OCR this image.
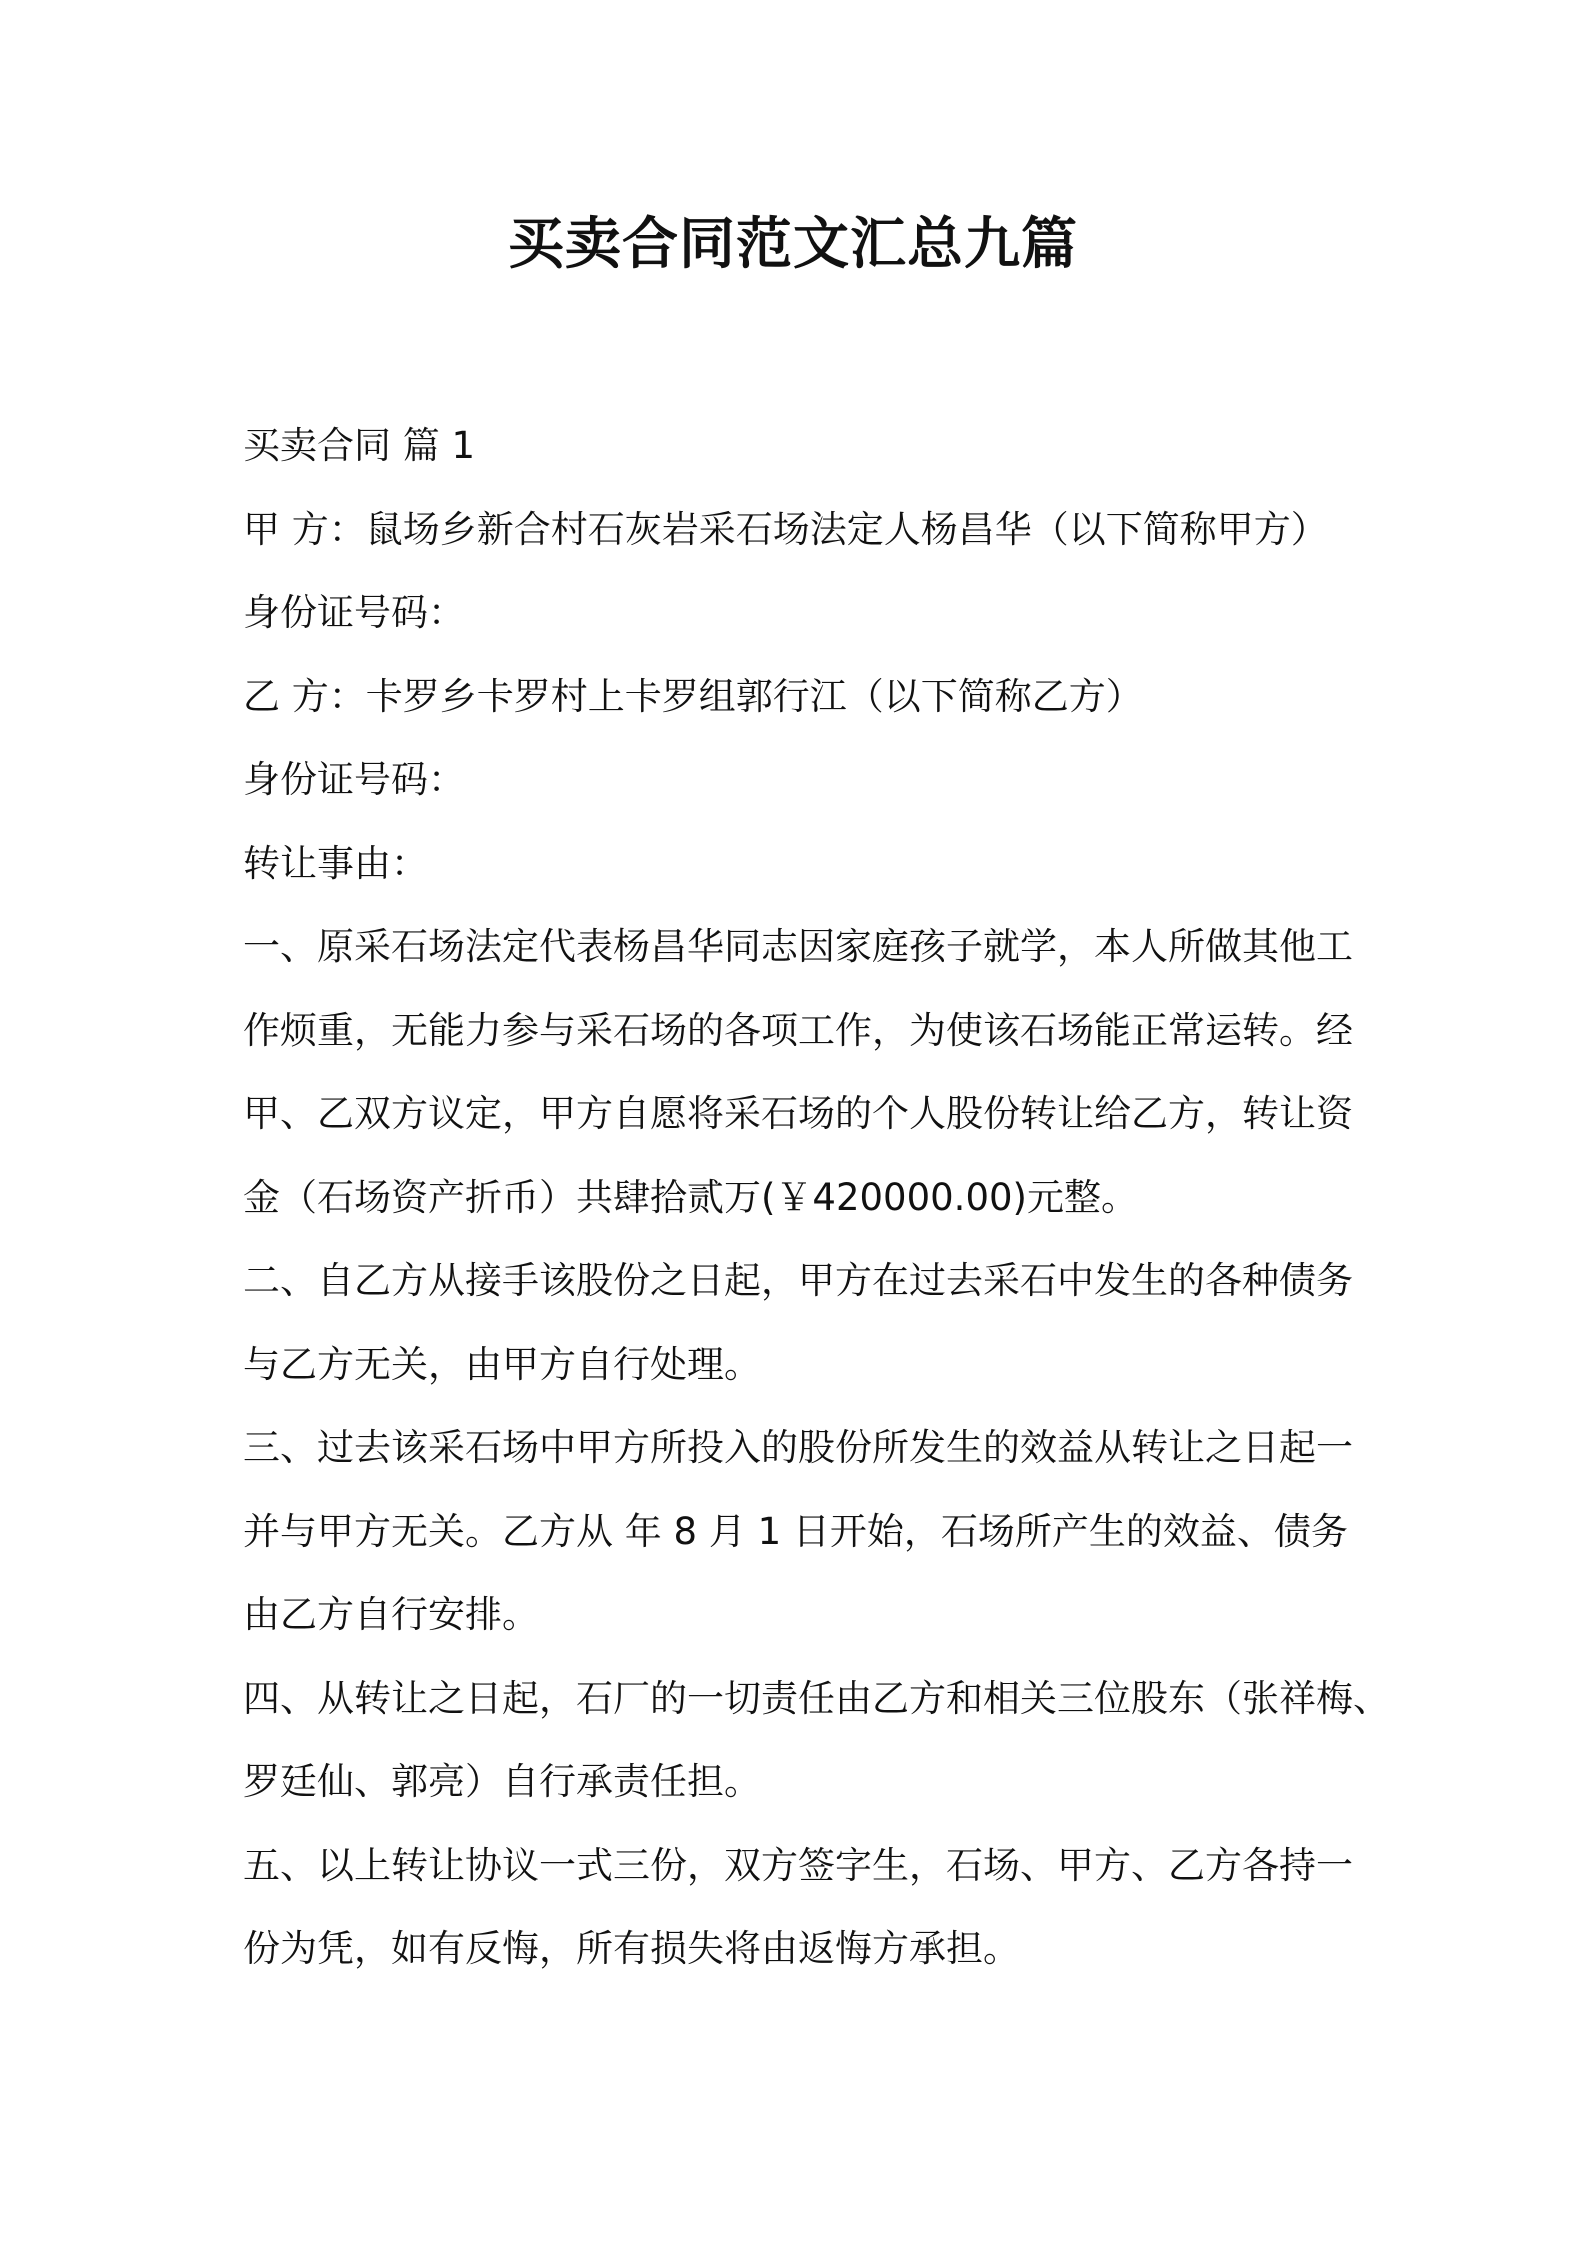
买卖合同范文汇总九篇
买卖合同 篇 1
甲 方：鼠场乡新合村石灰岩采石场法定人杨昌华（以下简称甲方）
身份证号码：
乙 方：卡罗乡卡罗村上卡罗组郭行江（以下简称乙方）
身份证号码：
转让事由：
一、原采石场法定代表杨昌华同志因家庭孩子就学，本人所做其他工
作烦重，无能力参与采石场的各项工作，为使该石场能正常运转。经
甲、乙双方议定，甲方自愿将采石场的个人股份转让给乙方，转让资
金（石场资产折币）共肆拾贰万(￥420000.00)元整。
二、自乙方从接手该股份之日起，甲方在过去采石中发生的各种债务
与乙方无关，由甲方自行处理。
三、过去该采石场中甲方所投入的股份所发生的效益从转让之日起一
并与甲方无关。乙方从 年 8 月 1 日开始，石场所产生的效益、债务
由乙方自行安排。
四、从转让之日起，石厂的一切责任由乙方和相关三位股东（张祥梅、
罗廷仙、郭亮）自行承责任担。
五、以上转让协议一式三份，双方签字生，石场、甲方、乙方各持一
份为凭，如有反悔，所有损失将由返悔方承担。
